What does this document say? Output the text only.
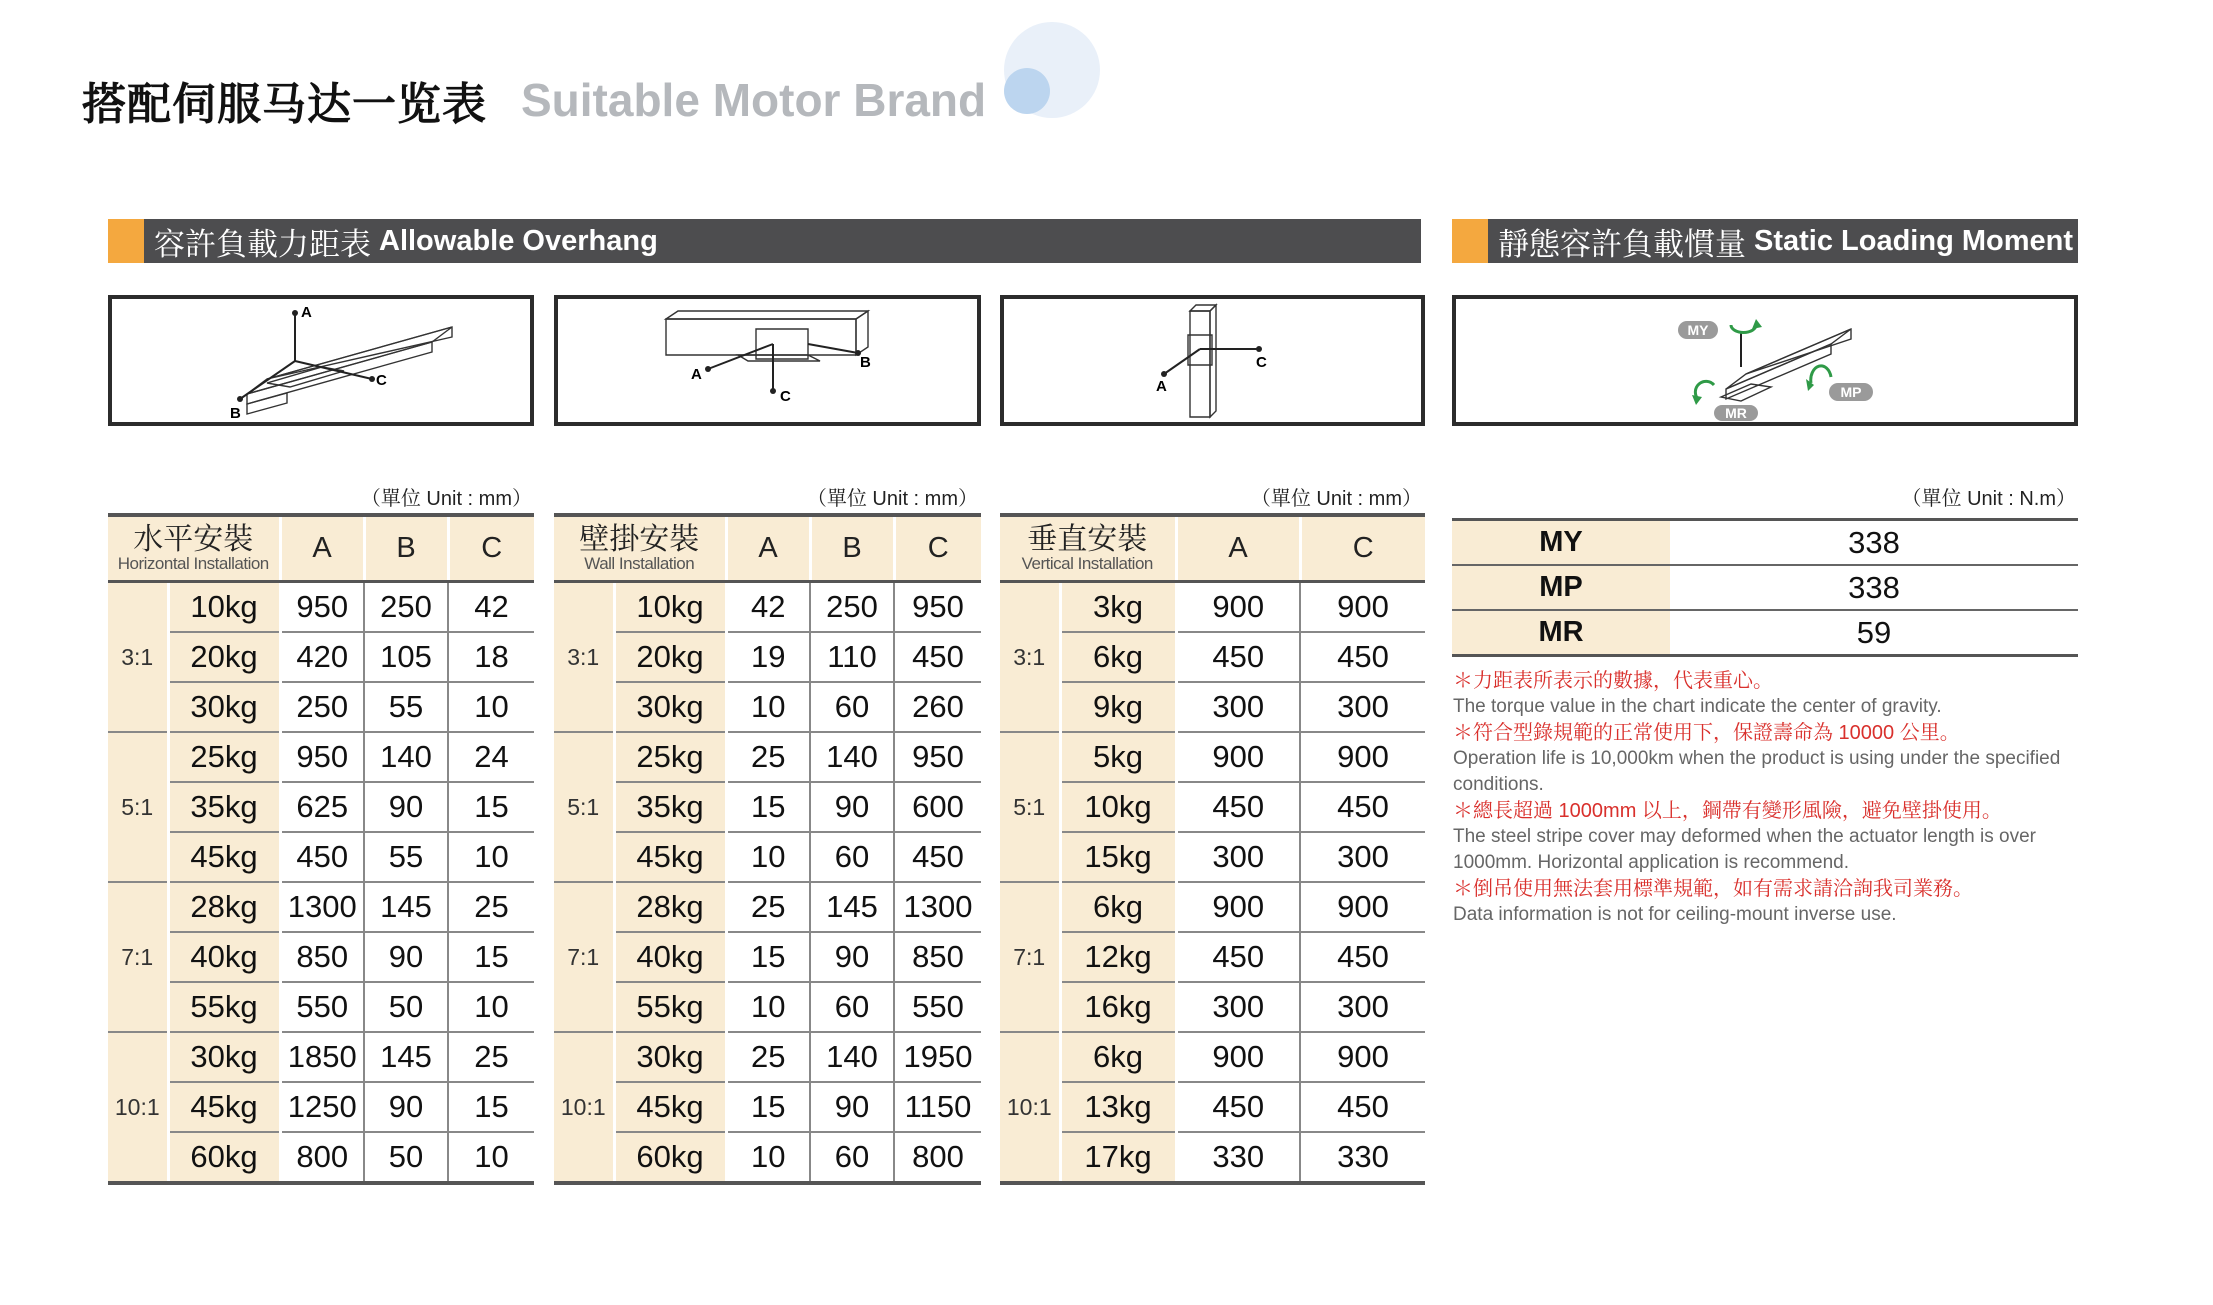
搭配伺服马达一览表 Suitable Motor Brand
容許負載力距表 Allowable Overhang	靜態容許負載慣量 Static Loading Moment
A
C
B
A
B
C
A
C
MY
MP
MR
（單位 Unit : mm）	（單位 Unit : mm）	（單位 Unit : mm）	（單位 Unit : N.m）
水平安裝
Horizontal Installation		A	B	C
3:1	10kg	950	250	42
	20kg	420	105	18
	30kg	250	55	10
5:1	25kg	950	140	24
	35kg	625	90	15
	45kg	450	55	10
7:1	28kg	1300	145	25
	40kg	850	90	15
	55kg	550	50	10
10:1	30kg	1850	145	25
	45kg	1250	90	15
	60kg	800	50	10
壁掛安裝
Wall Installation		A	B	C
3:1	10kg	42	250	950
	20kg	19	110	450
	30kg	10	60	260
5:1	25kg	25	140	950
	35kg	15	90	600
	45kg	10	60	450
7:1	28kg	25	145	1300
	40kg	15	90	850
	55kg	10	60	550
10:1	30kg	25	140	1950
	45kg	15	90	1150
	60kg	10	60	800
垂直安裝
Vertical Installation		A	C
3:1	3kg	900	900
	6kg	450	450
	9kg	300	300
5:1	5kg	900	900
	10kg	450	450
	15kg	300	300
7:1	6kg	900	900
	12kg	450	450
	16kg	300	300
10:1	6kg	900	900
	13kg	450	450
	17kg	330	330
MY	338
MP	338
MR	59
＊力距表所表示的數據，代表重心。
The torque value in the chart indicate the center of gravity.
＊符合型錄規範的正常使用下，保證壽命為 10000 公里。
Operation life is 10,000km when the product is using under the specified conditions.
＊總長超過 1000mm 以上，鋼帶有變形風險，避免壁掛使用。
The steel stripe cover may deformed when the actuator length is over 1000mm. Horizontal application is recommend.
＊倒吊使用無法套用標準規範，如有需求請洽詢我司業務。
Data information is not for ceiling-mount inverse use.
